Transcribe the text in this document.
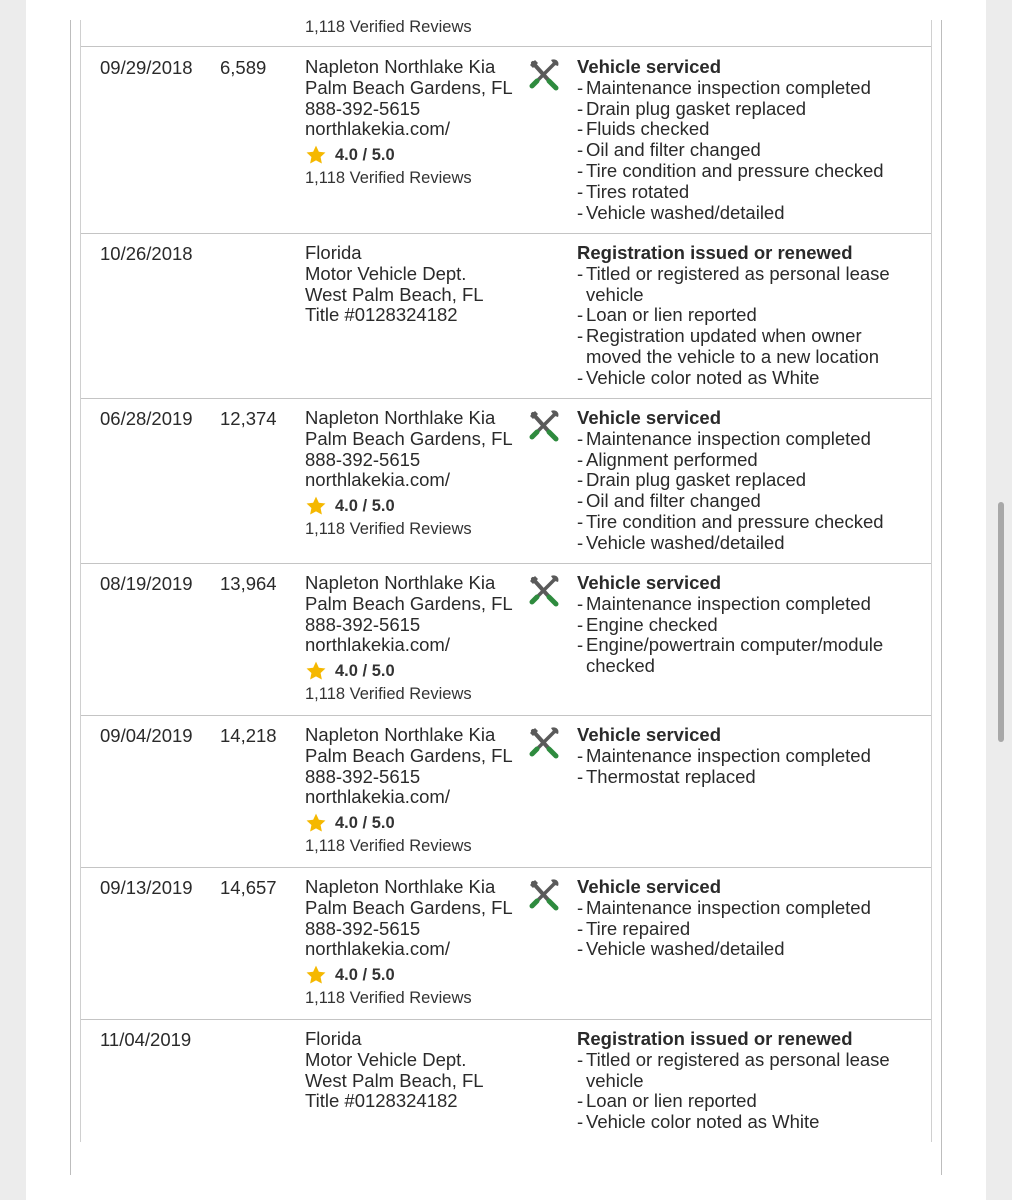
1,118 Verified Reviews
09/29/2018 6,589 Napleton Northlake Kia
Palm Beach Gardens, FL
888-392-5615
northlakekia.com/
4.0 / 5.0
1,118 Verified Reviews
Vehicle serviced
- Maintenance inspection completed
- Drain plug gasket replaced
- Fluids checked
- Oil and filter changed
- Tire condition and pressure checked
- Tires rotated
- Vehicle washed/detailed
10/26/2018	Florida
Motor Vehicle Dept.
West Palm Beach, FL
Title #0128324182
Registration issued or renewed
- Titled or registered as personal lease vehicle
- Loan or lien reported
- Registration updated when owner moved the vehicle to a new location
- Vehicle color noted as White
06/28/2019 12,374 Napleton Northlake Kia
Palm Beach Gardens, FL
888-392-5615
northlakekia.com/
4.0 / 5.0
1,118 Verified Reviews
Vehicle serviced
- Maintenance inspection completed
- Alignment performed
- Drain plug gasket replaced
- Oil and filter changed
- Tire condition and pressure checked
- Vehicle washed/detailed
08/19/2019 13,964 Napleton Northlake Kia
Palm Beach Gardens, FL
888-392-5615
northlakekia.com/
4.0 / 5.0
1,118 Verified Reviews
Vehicle serviced
- Maintenance inspection completed
- Engine checked
- Engine/powertrain computer/module checked
09/04/2019 14,218 Napleton Northlake Kia
Palm Beach Gardens, FL
888-392-5615
northlakekia.com/
4.0 / 5.0
1,118 Verified Reviews
Vehicle serviced
- Maintenance inspection completed
- Thermostat replaced
09/13/2019 14,657 Napleton Northlake Kia
Palm Beach Gardens, FL
888-392-5615
northlakekia.com/
4.0 / 5.0
1,118 Verified Reviews
Vehicle serviced
- Maintenance inspection completed
- Tire repaired
- Vehicle washed/detailed
11/04/2019	Florida
Motor Vehicle Dept.
West Palm Beach, FL
Title #0128324182
Registration issued or renewed
- Titled or registered as personal lease vehicle
- Loan or lien reported
- Vehicle color noted as White
